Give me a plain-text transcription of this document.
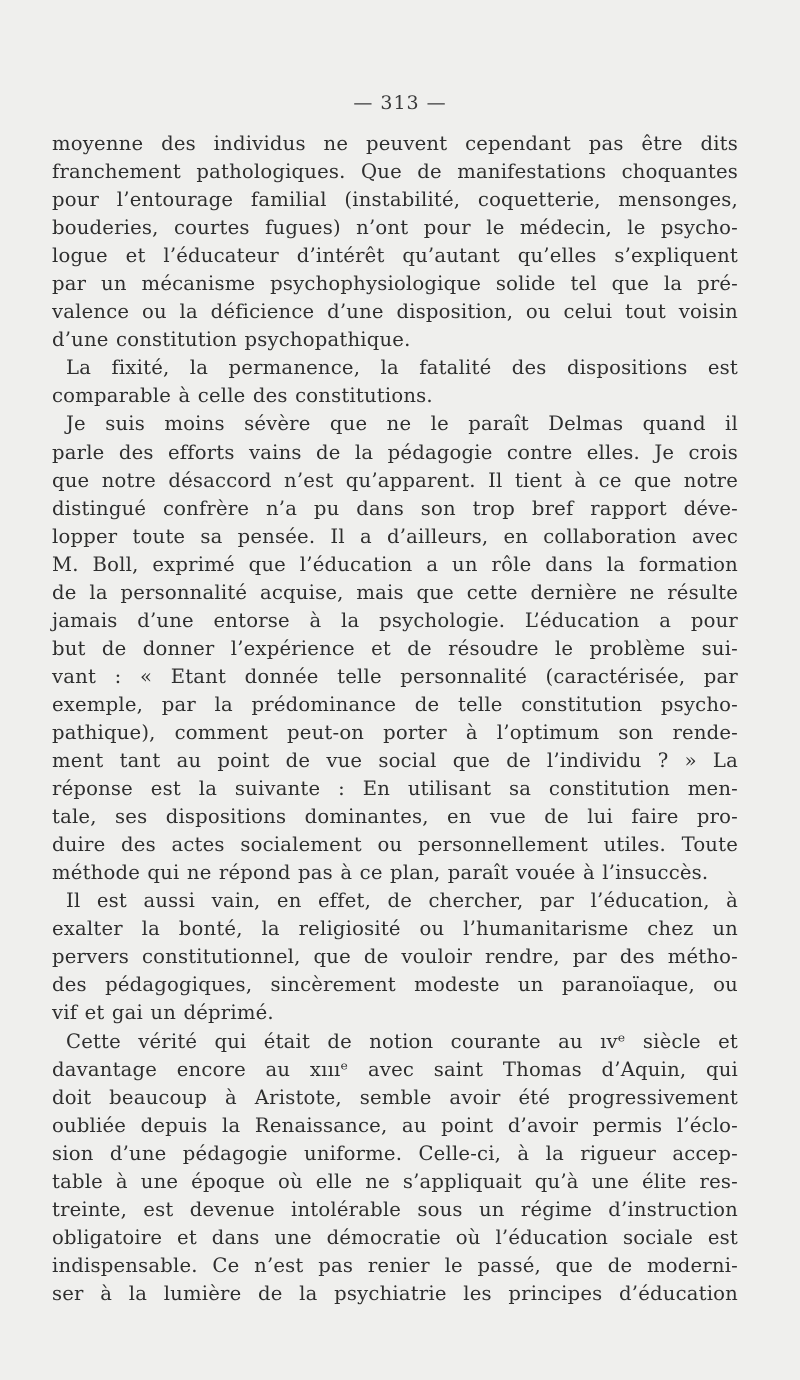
— 313 —
moyenne des individus ne peuvent cependant pas être dits
franchement pathologiques. Que de manifestations choquantes
pour l’entourage familial (instabilité, coquetterie, mensonges,
bouderies, courtes fugues) n’ont pour le médecin, le psycho-
logue et l’éducateur d’intérêt qu’autant qu’elles s’expliquent
par un mécanisme psychophysiologique solide tel que la pré-
valence ou la déficience d’une disposition, ou celui tout voisin
d’une constitution psychopathique.
La fixité, la permanence, la fatalité des dispositions est
comparable à celle des constitutions.
Je suis moins sévère que ne le paraît Delmas quand il
parle des efforts vains de la pédagogie contre elles. Je crois
que notre désaccord n’est qu’apparent. Il tient à ce que notre
distingué confrère n’a pu dans son trop bref rapport déve-
lopper toute sa pensée. Il a d’ailleurs, en collaboration avec
M. Boll, exprimé que l’éducation a un rôle dans la formation
de la personnalité acquise, mais que cette dernière ne résulte
jamais d’une entorse à la psychologie. L’éducation a pour
but de donner l’expérience et de résoudre le problème sui-
vant : « Etant donnée telle personnalité (caractérisée, par
exemple, par la prédominance de telle constitution psycho-
pathique), comment peut-on porter à l’optimum son rende-
ment tant au point de vue social que de l’individu ? » La
réponse est la suivante : En utilisant sa constitution men-
tale, ses dispositions dominantes, en vue de lui faire pro-
duire des actes socialement ou personnellement utiles. Toute
méthode qui ne répond pas à ce plan, paraît vouée à l’insuccès.
Il est aussi vain, en effet, de chercher, par l’éducation, à
exalter la bonté, la religiosité ou l’humanitarisme chez un
pervers constitutionnel, que de vouloir rendre, par des métho-
des pédagogiques, sincèrement modeste un paranoïaque, ou
vif et gai un déprimé.
Cette vérité qui était de notion courante au ıvᵉ siècle et
davantage encore au xıııᵉ avec saint Thomas d’Aquin, qui
doit beaucoup à Aristote, semble avoir été progressivement
oubliée depuis la Renaissance, au point d’avoir permis l’éclo-
sion d’une pédagogie uniforme. Celle-ci, à la rigueur accep-
table à une époque où elle ne s’appliquait qu’à une élite res-
treinte, est devenue intolérable sous un régime d’instruction
obligatoire et dans une démocratie où l’éducation sociale est
indispensable. Ce n’est pas renier le passé, que de moderni-
ser à la lumière de la psychiatrie les principes d’éducation
